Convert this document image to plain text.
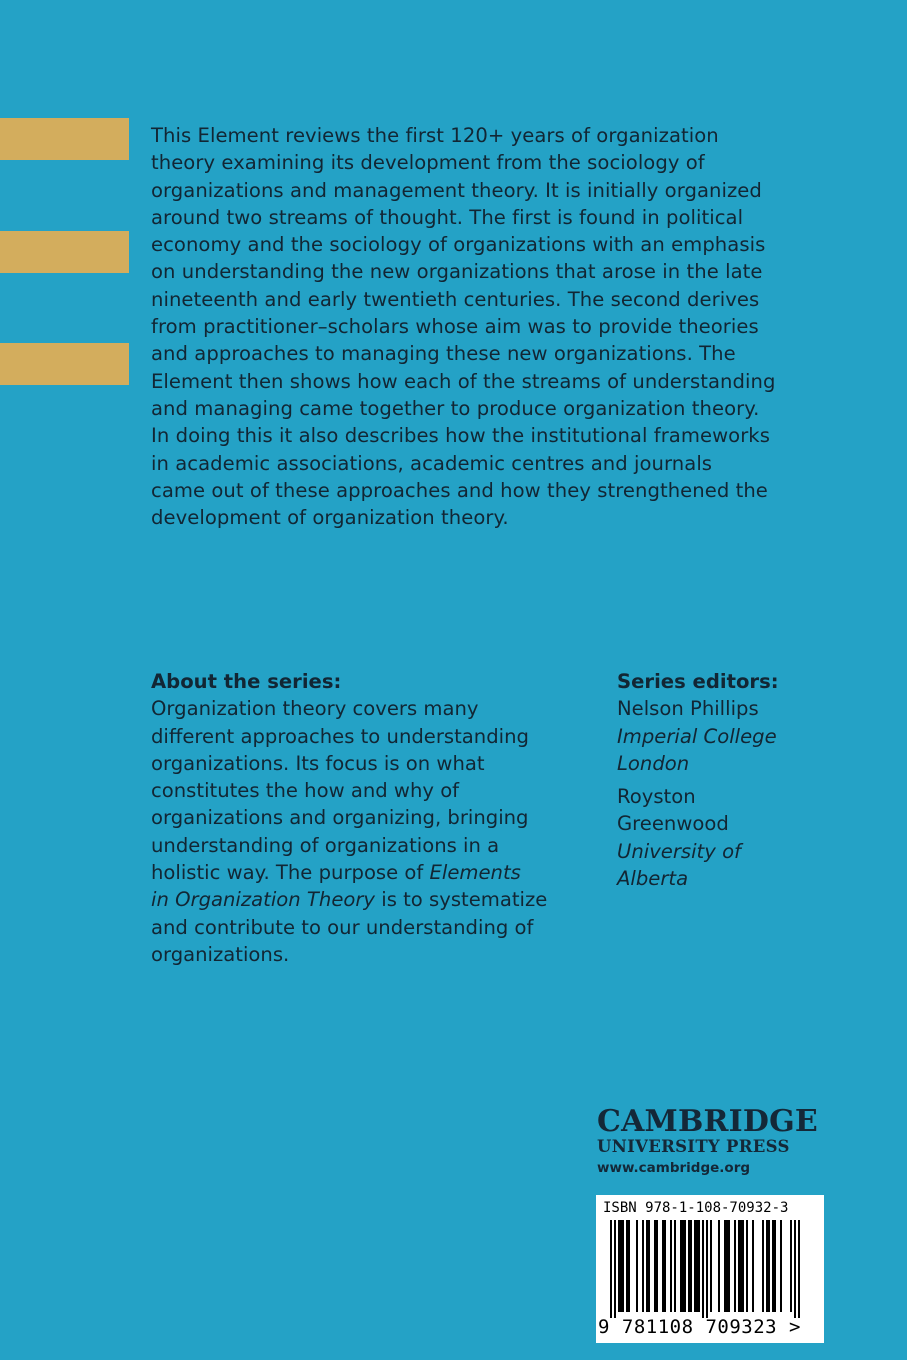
This Element reviews the first 120+ years of organization
theory examining its development from the sociology of
organizations and management theory. It is initially organized
around two streams of thought. The first is found in political
economy and the sociology of organizations with an emphasis
on understanding the new organizations that arose in the late
nineteenth and early twentieth centuries. The second derives
from practitioner–scholars whose aim was to provide theories
and approaches to managing these new organizations. The
Element then shows how each of the streams of understanding
and managing came together to produce organization theory.
In doing this it also describes how the institutional frameworks
in academic associations, academic centres and journals
came out of these approaches and how they strengthened the
development of organization theory.

About the series:

Organization theory covers many
different approaches to understanding
organizations. Its focus is on what
constitutes the how and why of
organizations and organizing, bringing
understanding of organizations in a
holistic way. The purpose of Elements
in Organization Theory is to systematize
and contribute to our understanding of
organizations.

Series editors:

Nelson Phillips
Imperial College
London

Royston
Greenwood
University of
Alberta

CAMBRIDGE
UNIVERSITY PRESS
www.cambridge.org
ISBN 978-1-108-70932-3
9 781108 709323 >
